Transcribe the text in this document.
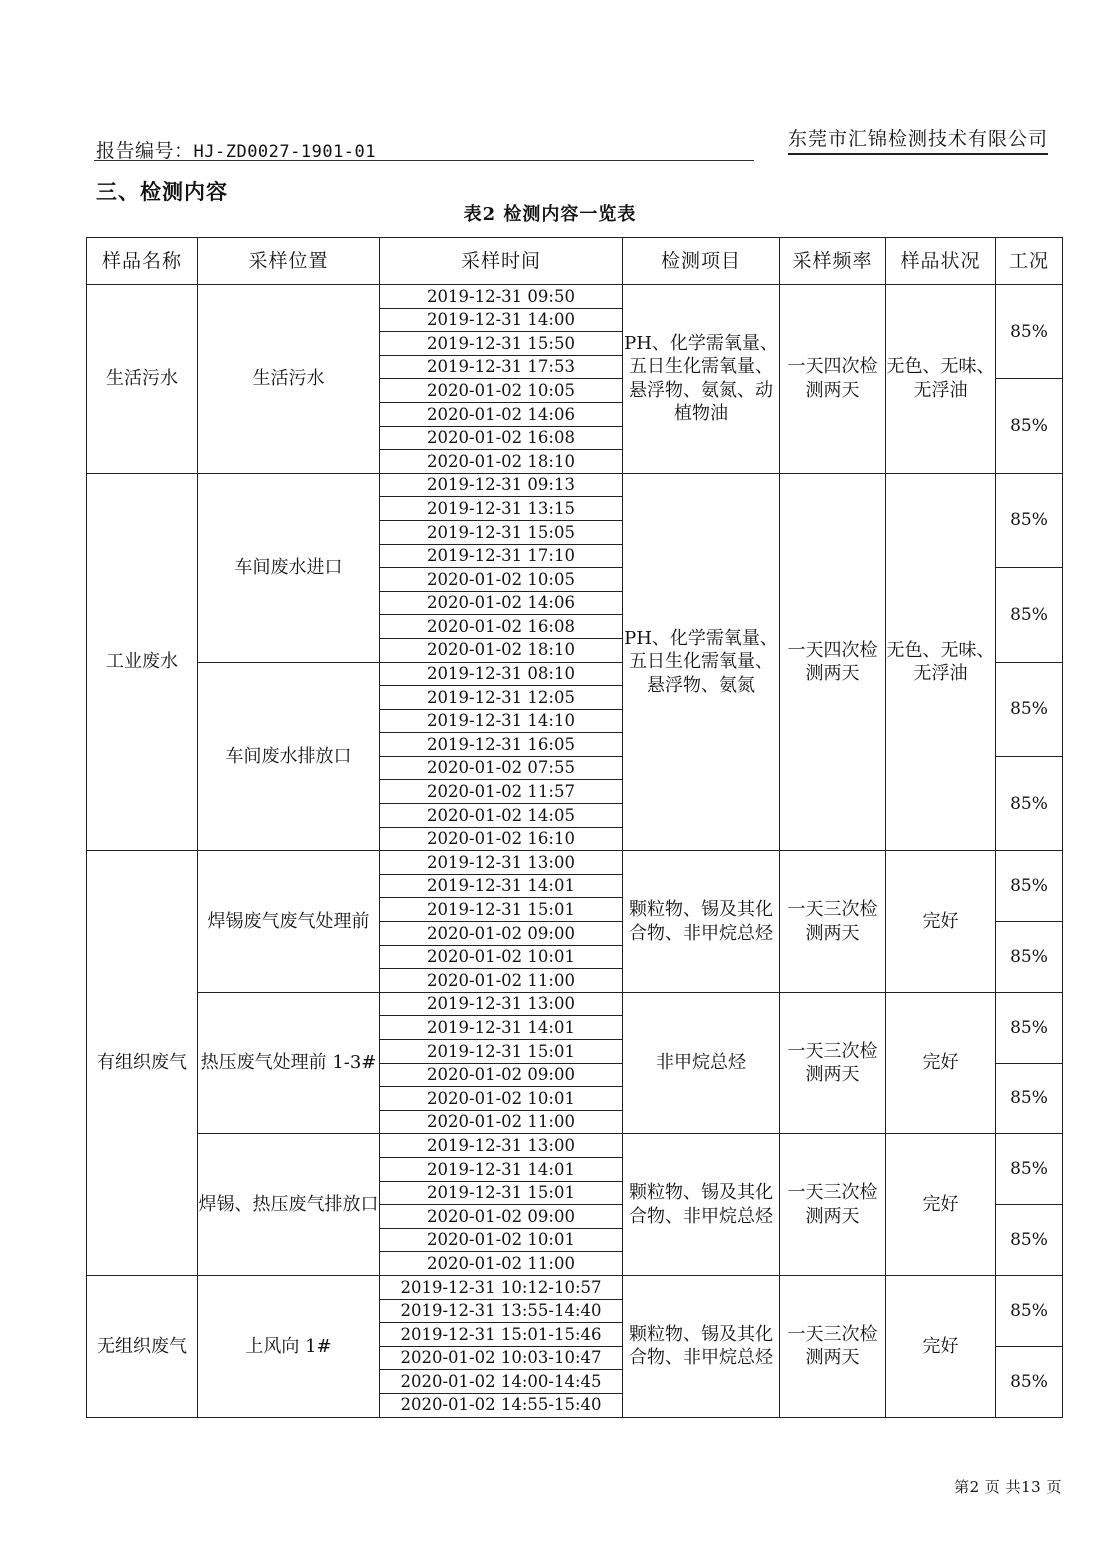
报告编号：HJ-ZD0027-1901-01
东莞市汇锦检测技术有限公司
三、检测内容
表2 检测内容一览表
样品名称	采样位置	采样时间	检测项目	采样频率	样品状况	工况
生活污水	生活污水	2019-12-31 09:50	PH、化学需氧量、五日生化需氧量、悬浮物、氨氮、动植物油	一天四次检测两天	无色、无味、无浮油	85%
		2019-12-31 14:00				
		2019-12-31 15:50				
		2019-12-31 17:53				
		2020-01-02 10:05				85%
		2020-01-02 14:06				
		2020-01-02 16:08				
		2020-01-02 18:10				
工业废水	车间废水进口	2019-12-31 09:13	PH、化学需氧量、五日生化需氧量、悬浮物、氨氮	一天四次检测两天	无色、无味、无浮油	85%
		2019-12-31 13:15				
		2019-12-31 15:05				
		2019-12-31 17:10				
		2020-01-02 10:05				85%
		2020-01-02 14:06				
		2020-01-02 16:08				
		2020-01-02 18:10				
	车间废水排放口	2019-12-31 08:10				85%
		2019-12-31 12:05				
		2019-12-31 14:10				
		2019-12-31 16:05				
		2020-01-02 07:55				85%
		2020-01-02 11:57				
		2020-01-02 14:05				
		2020-01-02 16:10				
有组织废气	焊锡废气废气处理前	2019-12-31 13:00	颗粒物、锡及其化合物、非甲烷总烃	一天三次检测两天	完好	85%
		2019-12-31 14:01				
		2019-12-31 15:01				
		2020-01-02 09:00				85%
		2020-01-02 10:01				
		2020-01-02 11:00				
	热压废气处理前 1-3#	2019-12-31 13:00	非甲烷总烃	一天三次检测两天	完好	85%
		2019-12-31 14:01				
		2019-12-31 15:01				
		2020-01-02 09:00				85%
		2020-01-02 10:01				
		2020-01-02 11:00				
	焊锡、热压废气排放口	2019-12-31 13:00	颗粒物、锡及其化合物、非甲烷总烃	一天三次检测两天	完好	85%
		2019-12-31 14:01				
		2019-12-31 15:01				
		2020-01-02 09:00				85%
		2020-01-02 10:01				
		2020-01-02 11:00				
无组织废气	上风向 1#	2019-12-31 10:12-10:57	颗粒物、锡及其化合物、非甲烷总烃	一天三次检测两天	完好	85%
		2019-12-31 13:55-14:40				
		2019-12-31 15:01-15:46				
		2020-01-02 10:03-10:47				85%
		2020-01-02 14:00-14:45				
		2020-01-02 14:55-15:40				
第2 页 共13 页
